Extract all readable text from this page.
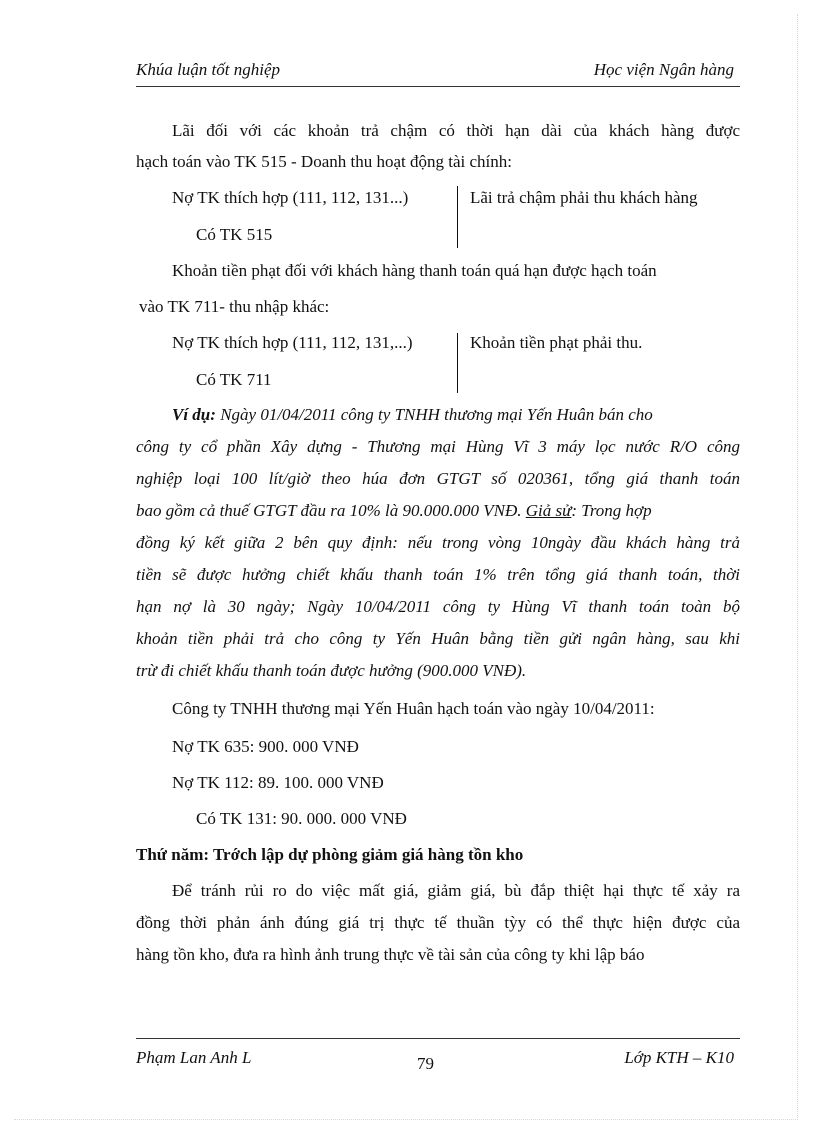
Khúa luận tốt nghiệp	Học viện Ngân hàng
Lãi đối với các khoản trả chậm có thời hạn dài của khách hàng được
hạch toán vào TK 515 - Doanh thu hoạt động tài chính:
Nợ TK thích hợp (111, 112, 131...)
Có TK 515
Lãi trả chậm phải thu khách hàng
Khoản tiền phạt đối với khách hàng thanh toán quá hạn được hạch toán
vào TK 711- thu nhập khác:
Nợ TK thích hợp (111, 112, 131,...)
Có TK 711
Khoản tiền phạt phải thu.
Ví dụ: Ngày 01/04/2011 công ty TNHH thương mại Yến Huân bán cho
công ty cổ phần Xây dựng - Thương mại Hùng Vĩ 3 máy lọc nước R/O công
nghiệp loại 100 lít/giờ theo húa đơn GTGT số 020361, tổng giá thanh toán
bao gồm cả thuế GTGT đầu ra 10% là 90.000.000 VNĐ. Giả sử: Trong hợp
đồng ký kết giữa 2 bên quy định: nếu trong vòng 10ngày đầu khách hàng trả
tiền sẽ được hưởng chiết khấu thanh toán 1% trên tổng giá thanh toán, thời
hạn nợ là 30 ngày; Ngày 10/04/2011 công ty Hùng Vĩ thanh toán toàn bộ
khoản tiền phải trả cho công ty Yến Huân bằng tiền gửi ngân hàng, sau khi
trừ đi chiết khấu thanh toán được hưởng (900.000 VNĐ).
Công ty TNHH thương mại Yến Huân hạch toán vào ngày 10/04/2011:
Nợ TK 635: 900. 000 VNĐ
Nợ TK 112: 89. 100. 000 VNĐ
Có TK 131: 90. 000. 000 VNĐ
Thứ năm: Trớch lập dự phòng giảm giá hàng tồn kho
Để tránh rủi ro do việc mất giá, giảm giá, bù đắp thiệt hại thực tế xảy ra
đồng thời phản ánh đúng giá trị thực tế thuần tỳy có thể thực hiện được của
hàng tồn kho, đưa ra hình ảnh trung thực về tài sản của công ty khi lập báo
Phạm Lan Anh L	79	Lớp KTH – K10
